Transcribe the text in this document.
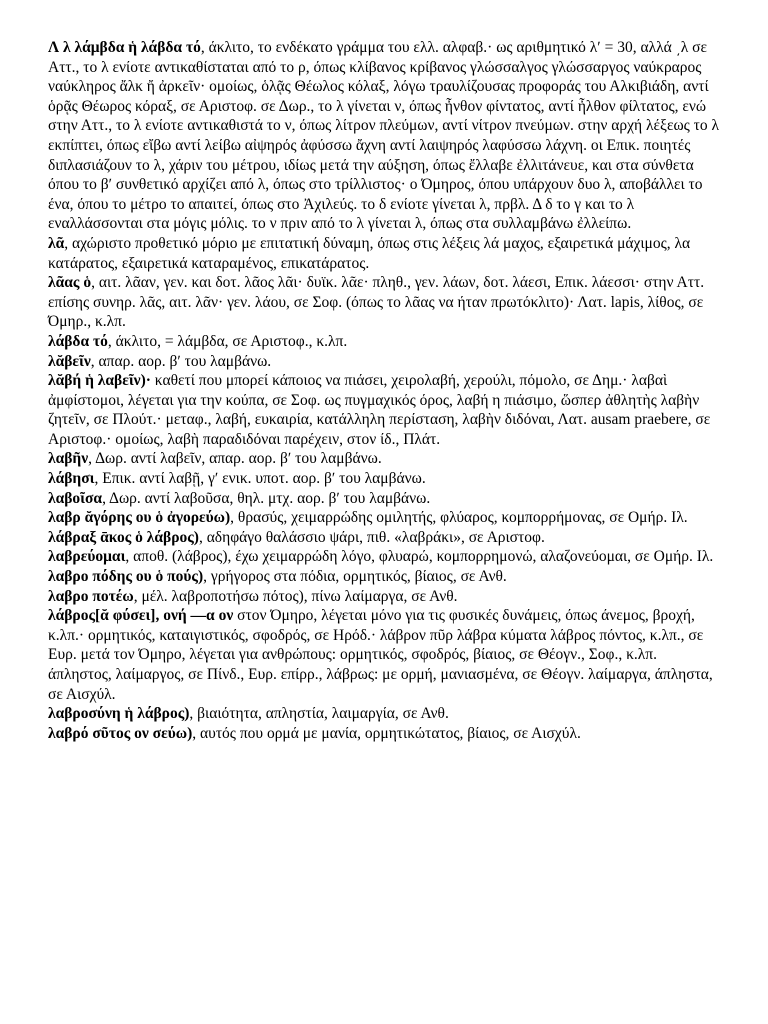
Λ λ λάμβδα ἡ λάβδα τό, άκλιτο, το ενδέκατο γράμμα του ελλ. αλφαβ.· ως αριθμητικό λʹ = 30, αλλά ͵λ σε Αττ., το λ ενίοτε αντικαθίσταται από το ρ, όπως κλίβανος κρίβανος γλώσσαλγος γλώσσαργος ναύκραρος ναύκληρος ἄλκ ἤ ἀρκεῖν· ομοίως, ὁλᾷς Θέωλος κόλαξ, λόγω τραυλίζουσας προφοράς του Αλκιβιάδη, αντί ὁρᾷς Θέωρος κόραξ, σε Αριστοφ. σε Δωρ., το λ γίνεται ν, όπως ἦνθον φίντατος, αντί ἦλθον φίλτατος, ενώ στην Αττ., το λ ενίοτε αντικαθιστά το ν, όπως λίτρον πλεύμων, αντί νίτρον πνεύμων. στην αρχή λέξεως το λ εκπίπτει, όπως εἴβω αντί λείβω αἰψηρός ἀφύσσω ἄχνη αντί λαιψηρός λαφύσσω λάχνη. οι Επικ. ποιητές διπλασιάζουν το λ, χάριν του μέτρου, ιδίως μετά την αύξηση, όπως ἔλλαβε ἐλλιτάνευε, και στα σύνθετα όπου το βʹ συνθετικό αρχίζει από λ, όπως στο τρίλλιστος· ο Όμηρος, όπου υπάρχουν δυο λ, αποβάλλει το ένα, όπου το μέτρο το απαιτεί, όπως στο Ἀχιλεύς. το δ ενίοτε γίνεται λ, πρβλ. Δ δ το γ και το λ εναλλάσσονται στα μόγις μόλις. το ν πριν από το λ γίνεται λ, όπως στα συλλαμβάνω ἐλλείπω.

λᾶ, αχώριστο προθετικό μόριο με επιτατική δύναμη, όπως στις λέξεις λά μαχος, εξαιρετικά μάχιμος, λα κατάρατος, εξαιρετικά καταραμένος, επικατάρατος.

λᾶας ὁ, αιτ. λᾶαν, γεν. και δοτ. λᾶος λᾶι· δυϊκ. λᾶε· πληθ., γεν. λάων, δοτ. λάεσι, Επικ. λάεσσι· στην Αττ. επίσης συνηρ. λᾶς, αιτ. λᾶν· γεν. λάου, σε Σοφ. (όπως το λᾶας να ήταν πρωτόκλιτο)· Λατ. lapis, λίθος, σε Όμηρ., κ.λπ.

λάβδα τό, άκλιτο, = λάμβδα, σε Αριστοφ., κ.λπ.

λᾰβεῖν, απαρ. αορ. βʹ του λαμβάνω.

λᾰβή ἡ λαβεῖν)· καθετί που μπορεί κάποιος να πιάσει, χειρολαβή, χερούλι, πόμολο, σε Δημ.· λαβαὶ ἀμφίστομοι, λέγεται για την κούπα, σε Σοφ. ως πυγμαχικός όρος, λαβή η πιάσιμο, ὥσπερ ἀθλητὴς λαβὴν ζητεῖν, σε Πλούτ.· μεταφ., λαβή, ευκαιρία, κατάλληλη περίσταση, λαβὴν διδόναι, Λατ. ausam praebere, σε Αριστοφ.· ομοίως, λαβὴ παραδιδόναι παρέχειν, στον ίδ., Πλάτ.

λαβῆν, Δωρ. αντί λαβεῖν, απαρ. αορ. βʹ του λαμβάνω.

λάβησι, Επικ. αντί λαβῇ, γʹ ενικ. υποτ. αορ. βʹ του λαμβάνω.

λαβοῖσα, Δωρ. αντί λαβοῦσα, θηλ. μτχ. αορ. βʹ του λαμβάνω.

λαβρ ᾰγόρης ου ὁ ἀγορεύω), θρασύς, χειμαρρώδης ομιλητής, φλύαρος, κομπορρήμονας, σε Ομήρ. Ιλ.

λάβραξ ᾱκος ὁ λάβρος), αδηφάγο θαλάσσιο ψάρι, πιθ. «λαβράκι», σε Αριστοφ.

λαβρεύομαι, αποθ. (λάβρος), έχω χειμαρρώδη λόγο, φλυαρώ, κομπορρημονώ, αλαζονεύομαι, σε Ομήρ. Ιλ.

λαβρο πόδης ου ὁ πούς), γρήγορος στα πόδια, ορμητικός, βίαιος, σε Ανθ.

λαβρο ποτέω, μέλ. λαβροποτήσω πότος), πίνω λαίμαργα, σε Ανθ.

λάβρος[ᾰ φύσει], ονή —α ον στον Όμηρο, λέγεται μόνο για τις φυσικές δυνάμεις, όπως άνεμος, βροχή, κ.λπ.· ορμητικός, καταιγιστικός, σφοδρός, σε Ηρόδ.· λάβρον πῦρ λάβρα κύματα λάβρος πόντος, κ.λπ., σε Ευρ. μετά τον Όμηρο, λέγεται για ανθρώπους: ορμητικός, σφοδρός, βίαιος, σε Θέογν., Σοφ., κ.λπ. άπληστος, λαίμαργος, σε Πίνδ., Ευρ. επίρρ., λάβρως: με ορμή, μανιασμένα, σε Θέογν. λαίμαργα, άπληστα, σε Αισχύλ.

λαβροσύνη ἡ λάβρος), βιαιότητα, απληστία, λαιμαργία, σε Ανθ.

λαβρό σῦτος ον σεύω), αυτός που ορμά με μανία, ορμητικώτατος, βίαιος, σε Αισχύλ.
